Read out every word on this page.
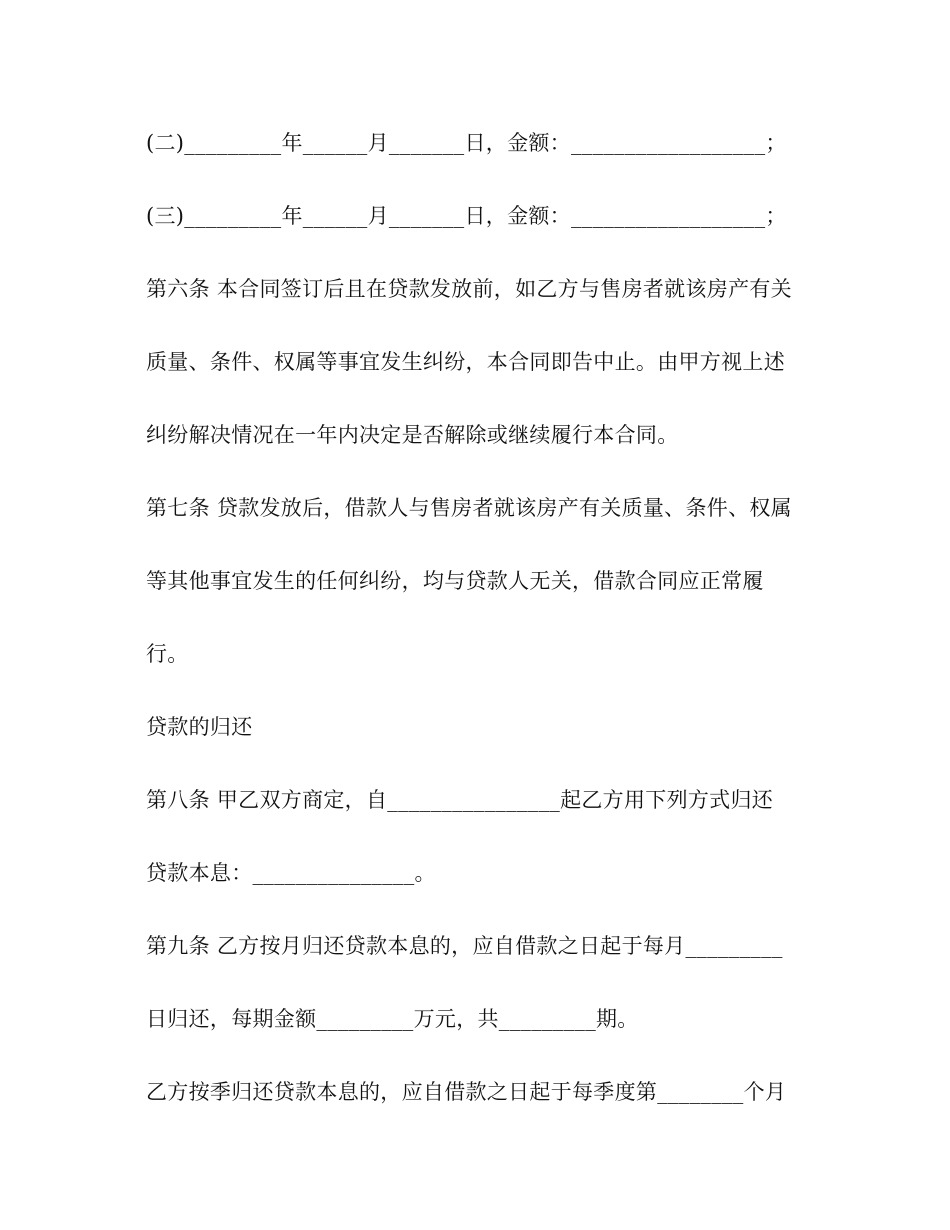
(二)_________年______月_______日，金额：__________________；
(三)_________年______月_______日，金额：__________________；
第六条 本合同签订后且在贷款发放前，如乙方与售房者就该房产有关
质量、条件、权属等事宜发生纠纷，本合同即告中止。由甲方视上述
纠纷解决情况在一年内决定是否解除或继续履行本合同。
第七条 贷款发放后，借款人与售房者就该房产有关质量、条件、权属
等其他事宜发生的任何纠纷，均与贷款人无关，借款合同应正常履
行。
贷款的归还
第八条 甲乙双方商定，自________________起乙方用下列方式归还
贷款本息：_______________。
第九条 乙方按月归还贷款本息的，应自借款之日起于每月_________
日归还，每期金额_________万元，共_________期。
乙方按季归还贷款本息的，应自借款之日起于每季度第________个月
